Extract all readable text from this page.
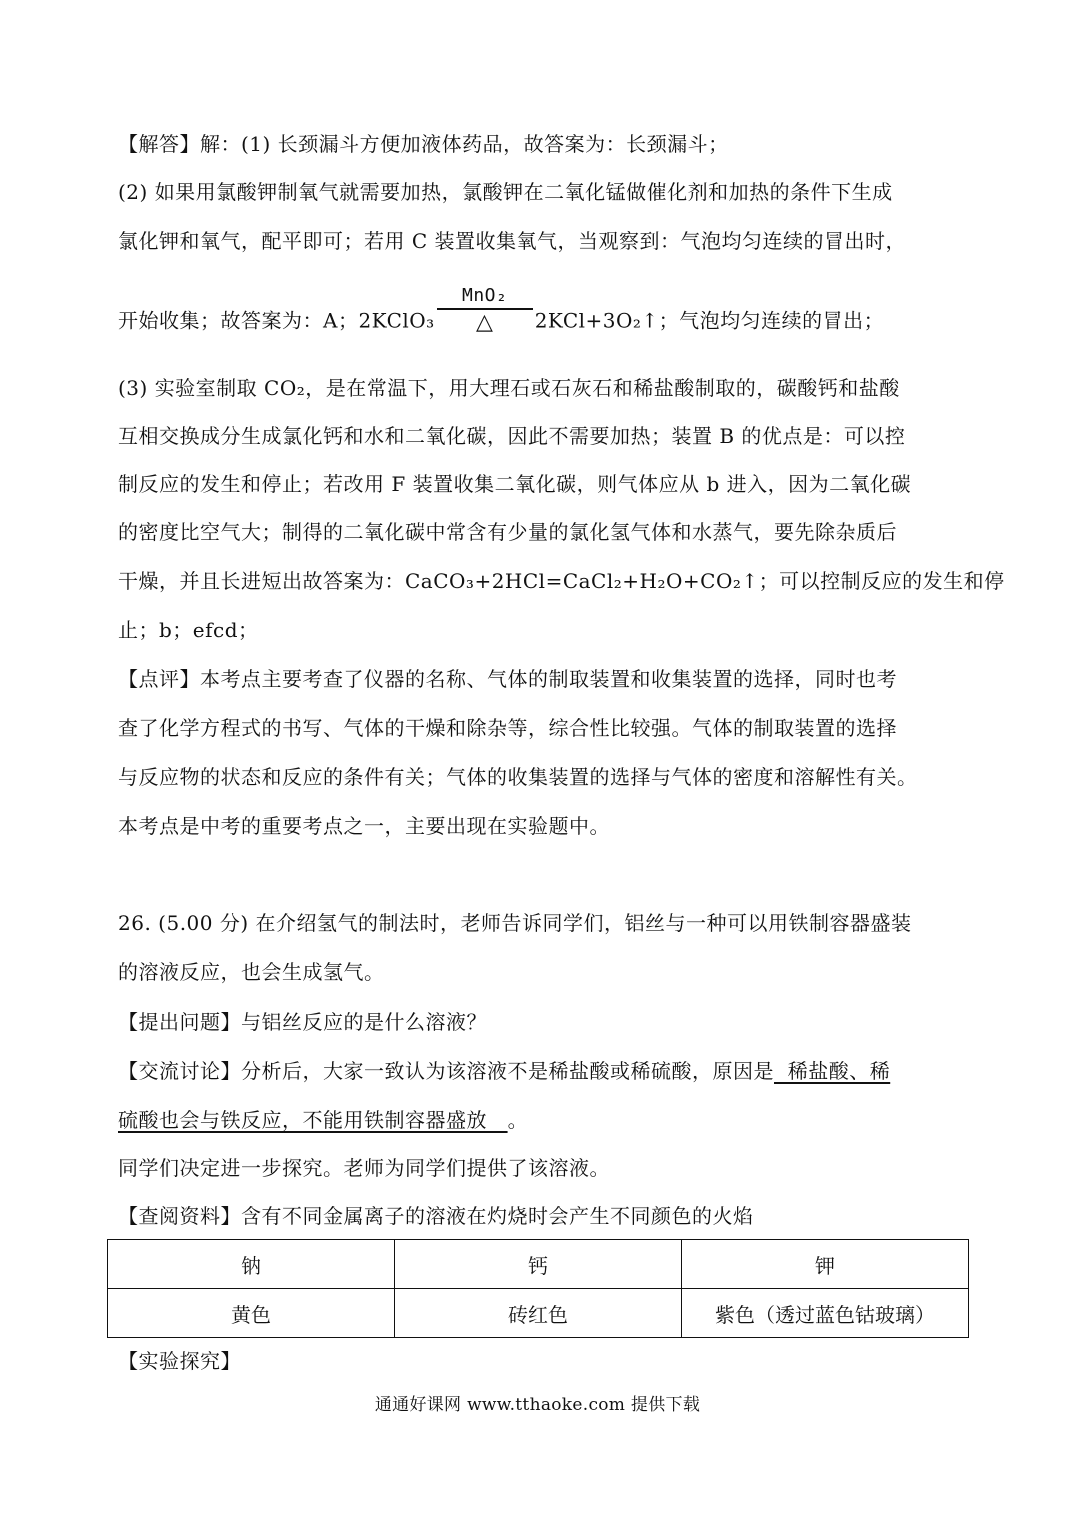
【解答】解：(1) 长颈漏斗方便加液体药品，故答案为：长颈漏斗；
(2) 如果用氯酸钾制氧气就需要加热，氯酸钾在二氧化锰做催化剂和加热的条件下生成
氯化钾和氧气，配平即可；若用 C 装置收集氧气，当观察到：气泡均匀连续的冒出时，
开始收集；故答案为：A；2KClO₃
MnO₂
△	2KCl+3O₂↑；气泡均匀连续的冒出；
(3) 实验室制取 CO₂，是在常温下，用大理石或石灰石和稀盐酸制取的，碳酸钙和盐酸
互相交换成分生成氯化钙和水和二氧化碳，因此不需要加热；装置 B 的优点是：可以控
制反应的发生和停止；若改用 F 装置收集二氧化碳，则气体应从 b 进入，因为二氧化碳
的密度比空气大；制得的二氧化碳中常含有少量的氯化氢气体和水蒸气，要先除杂质后
干燥，并且长进短出故答案为：CaCO₃+2HCl=CaCl₂+H₂O+CO₂↑；可以控制反应的发生和停
止；b；efcd；
【点评】本考点主要考查了仪器的名称、气体的制取装置和收集装置的选择，同时也考
查了化学方程式的书写、气体的干燥和除杂等，综合性比较强。气体的制取装置的选择
与反应物的状态和反应的条件有关；气体的收集装置的选择与气体的密度和溶解性有关。
本考点是中考的重要考点之一，主要出现在实验题中。
26. (5.00 分) 在介绍氢气的制法时，老师告诉同学们，铝丝与一种可以用铁制容器盛装
的溶液反应，也会生成氢气。
【提出问题】与铝丝反应的是什么溶液？
【交流讨论】分析后，大家一致认为该溶液不是稀盐酸或稀硫酸，原因是  稀盐酸、稀
硫酸也会与铁反应，不能用铁制容器盛放   。
同学们决定进一步探究。老师为同学们提供了该溶液。
【查阅资料】含有不同金属离子的溶液在灼烧时会产生不同颜色的火焰
钠	钙	钾
黄色	砖红色	紫色（透过蓝色钴玻璃）
【实验探究】
通通好课网 www.tthaoke.com 提供下载
